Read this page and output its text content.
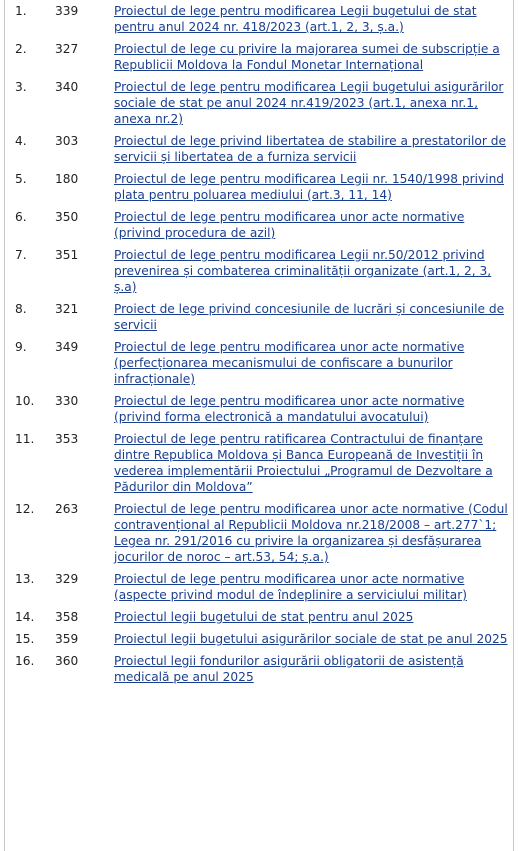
1.	339	Proiectul de lege pentru modificarea Legii bugetului de stat pentru anul 2024 nr. 418/2023 (art.1, 2, 3, ș.a.)
2.	327	Proiectul de lege cu privire la majorarea sumei de subscripție a Republicii Moldova la Fondul Monetar Internațional
3.	340	Proiectul de lege pentru modificarea Legii bugetului asigurărilor sociale de stat pe anul 2024 nr.419/2023 (art.1, anexa nr.1, anexa nr.2)
4.	303	Proiectul de lege privind libertatea de stabilire a prestatorilor de servicii și libertatea de a furniza servicii
5.	180	Proiectul de lege pentru modificarea Legii nr. 1540/1998 privind plata pentru poluarea mediului (art.3, 11, 14)
6.	350	Proiectul de lege pentru modificarea unor acte normative (privind procedura de azil)
7.	351	Proiectul de lege pentru modificarea Legii nr.50/2012 privind prevenirea și combaterea criminalității organizate (art.1, 2, 3, ș.a)
8.	321	Proiect de lege privind concesiunile de lucrări și concesiunile de servicii
9.	349	Proiectul de lege pentru modificarea unor acte normative (perfecționarea mecanismului de confiscare a bunurilor infracționale)
10.	330	Proiectul de lege pentru modificarea unor acte normative (privind forma electronică a mandatului avocatului)
11.	353	Proiectul de lege pentru ratificarea Contractului de finanțare dintre Republica Moldova și Banca Europeană de Investiții în vederea implementării Proiectului „Programul de Dezvoltare a Pădurilor din Moldova”
12.	263	Proiectul de lege pentru modificarea unor acte normative (Codul contravențional al Republicii Moldova nr.218/2008 – art.277`1; Legea nr. 291/2016 cu privire la organizarea și desfășurarea jocurilor de noroc – art.53, 54; ș.a.)
13.	329	Proiectul de lege pentru modificarea unor acte normative (aspecte privind modul de îndeplinire a serviciului militar)
14.	358	Proiectul legii bugetului de stat pentru anul 2025
15.	359	Proiectul legii bugetului asigurărilor sociale de stat pe anul 2025
16.	360	Proiectul legii fondurilor asigurării obligatorii de asistență medicală pe anul 2025
